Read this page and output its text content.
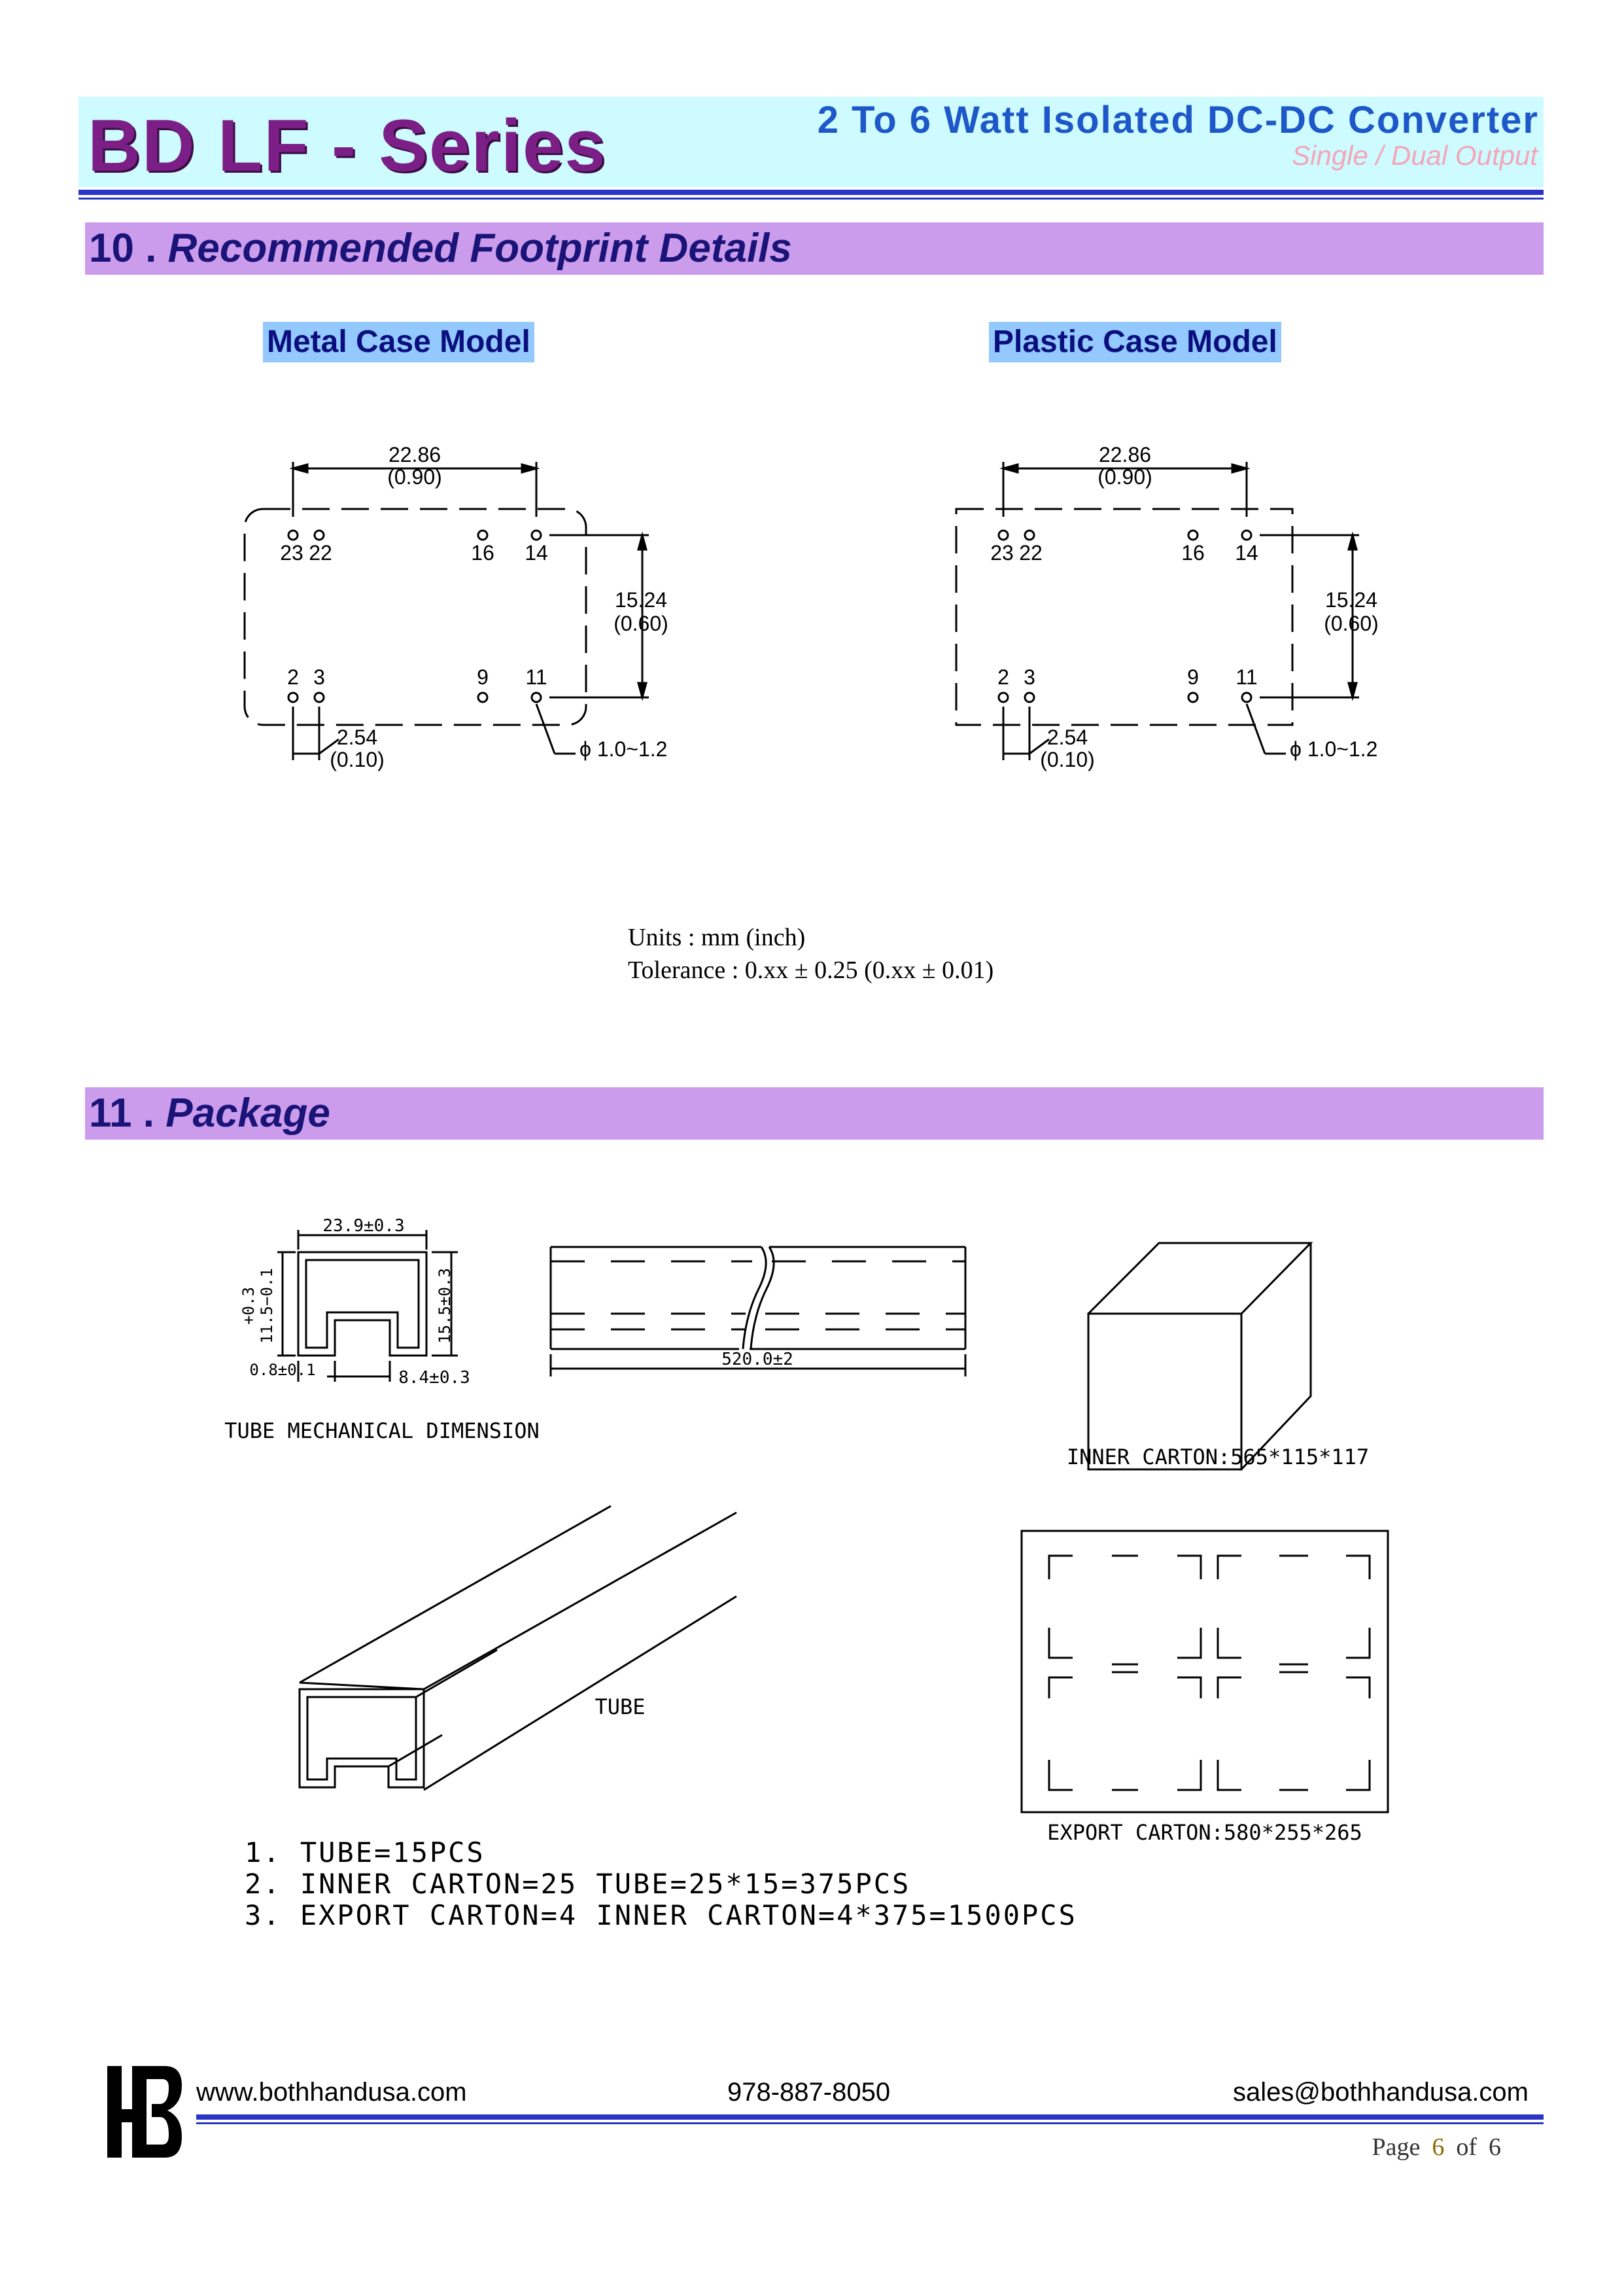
BD LF - Series	2 To 6 Watt Isolated DC-DC Converter
Single / Dual Output
10 . Recommended Footprint Details
Metal Case Model	Plastic Case Model
22.86
(0.90)
15.24
(0.60)
2.54
(0.10)	ϕ 1.0~1.2
23 22	16 14
2 3	9 11
22.86
(0.90)
15.24
(0.60)
2.54
(0.10)	ϕ 1.0~1.2
23 22	16 14
2 3	9 11
Units : mm (inch)
Tolerance : 0.xx ± 0.25 (0.xx ± 0.01)
11 . Package
23.9±0.3
+0.3 11.5−0.1	15.5±0.3
0.8±0.1	8.4±0.3
520.0±2
TUBE MECHANICAL DIMENSION
INNER CARTON:565*115*117
TUBE
EXPORT CARTON:580*255*265
1. TUBE=15PCS
2. INNER CARTON=25 TUBE=25*15=375PCS
3. EXPORT CARTON=4 INNER CARTON=4*375=1500PCS
www.bothhandusa.com	978-887-8050	sales@bothhandusa.com
Page 6 of 6
